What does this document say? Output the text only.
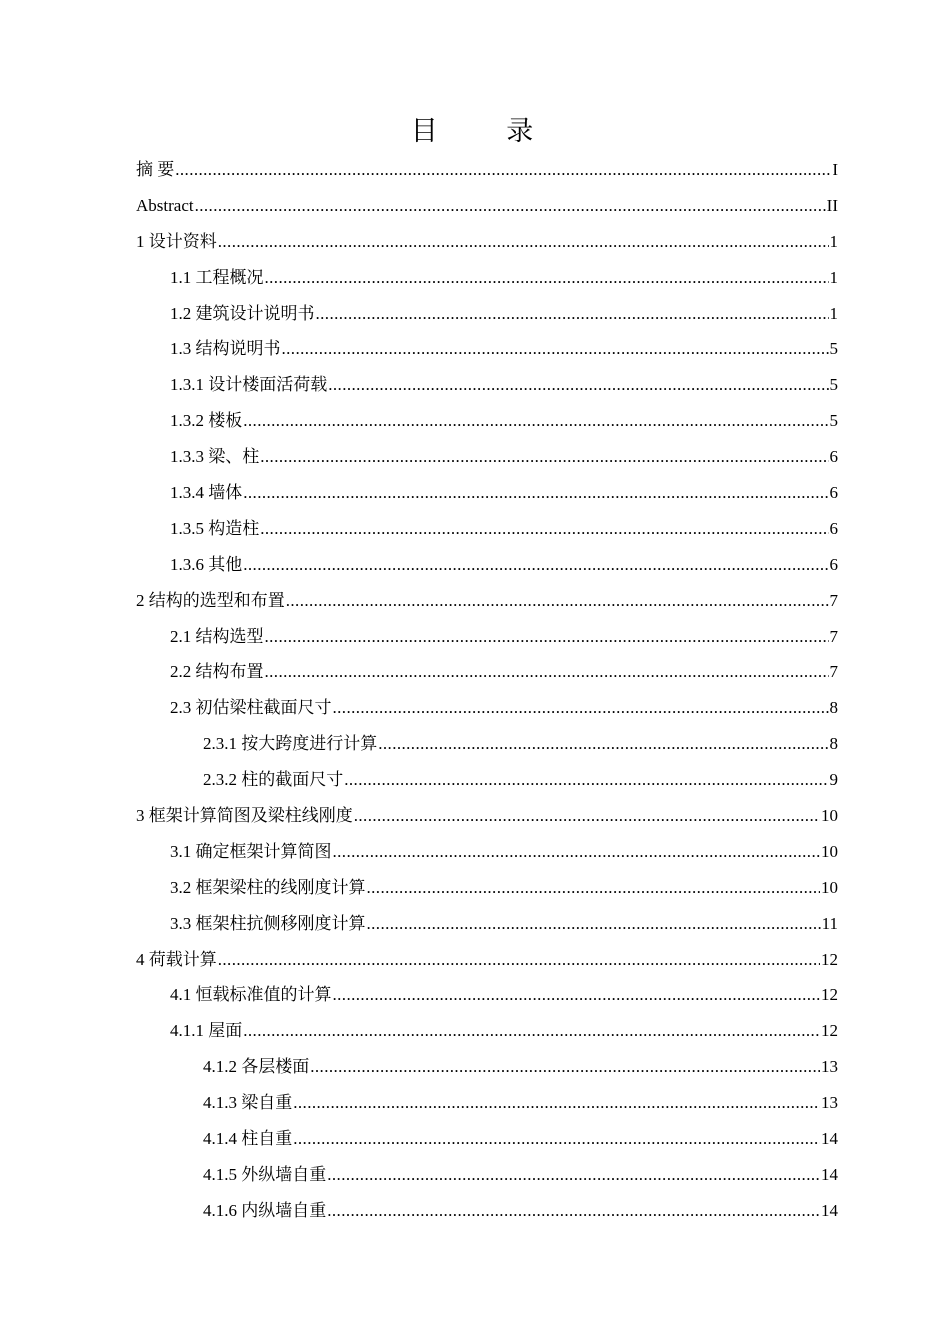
目 录
摘 要 .....	I
Abstract .....	II
1 设计资料 .....	1
1.1 工程概况 .....	1
1.2 建筑设计说明书 .....	1
1.3 结构说明书 .....	5
1.3.1 设计楼面活荷载 .....	5
1.3.2 楼板 .....	5
1.3.3 梁、柱 .....	6
1.3.4 墙体 .....	6
1.3.5 构造柱 .....	6
1.3.6 其他 .....	6
2 结构的选型和布置 .....	7
2.1 结构选型 .....	7
2.2 结构布置 .....	7
2.3 初估梁柱截面尺寸 .....	8
2.3.1 按大跨度进行计算 .....	8
2.3.2 柱的截面尺寸 .....	9
3 框架计算简图及梁柱线刚度 .....	10
3.1 确定框架计算简图 .....	10
3.2 框架梁柱的线刚度计算 .....	10
3.3 框架柱抗侧移刚度计算 .....	11
4 荷载计算 .....	12
4.1 恒载标准值的计算 .....	12
4.1.1 屋面 .....	12
4.1.2 各层楼面 .....	13
4.1.3 梁自重 .....	13
4.1.4 柱自重 .....	14
4.1.5 外纵墙自重 .....	14
4.1.6 内纵墙自重 .....	14
